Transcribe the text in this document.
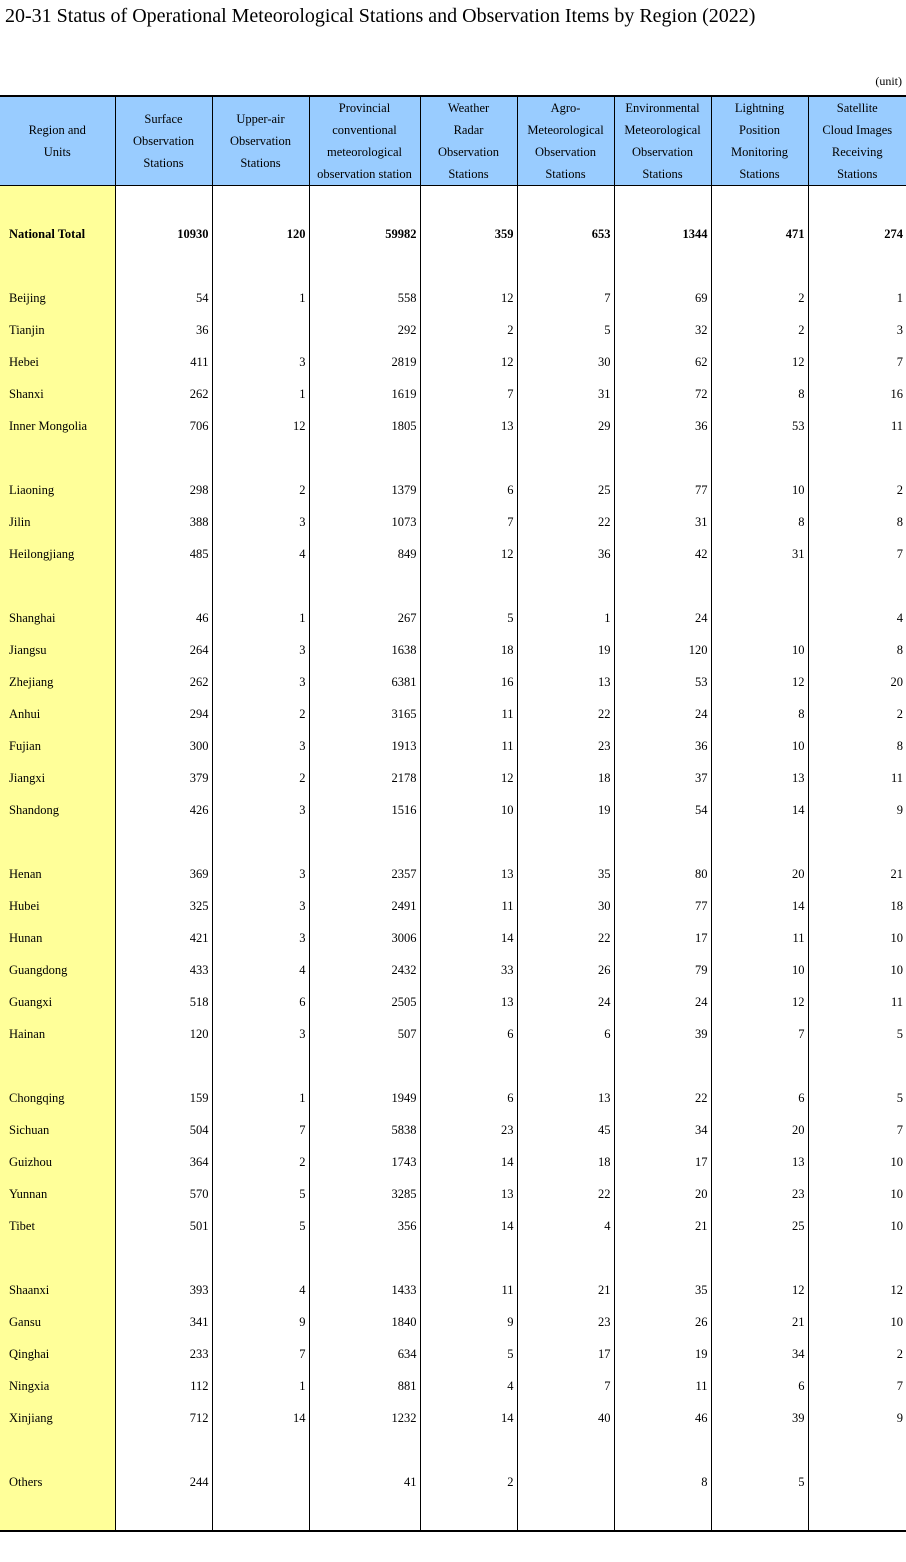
20-31 Status of Operational Meteorological Stations and Observation Items by Region (2022)
(unit)
Region and
Units	Surface
Observation
Stations	Upper-air
Observation
Stations	Provincial
conventional
meteorological
observation station	Weather
Radar
Observation
Stations	Agro-
Meteorological
Observation
Stations	Environmental
Meteorological
Observation
Stations	Lightning
Position
Monitoring
Stations	Satellite
Cloud Images
Receiving
Stations

National Total	10930	120	59982	359	653	1344	471	274

Beijing	54	1	558	12	7	69	2	1
Tianjin	36		292	2	5	32	2	3
Hebei	411	3	2819	12	30	62	12	7
Shanxi	262	1	1619	7	31	72	8	16
Inner Mongolia	706	12	1805	13	29	36	53	11

Liaoning	298	2	1379	6	25	77	10	2
Jilin	388	3	1073	7	22	31	8	8
Heilongjiang	485	4	849	12	36	42	31	7

Shanghai	46	1	267	5	1	24		4
Jiangsu	264	3	1638	18	19	120	10	8
Zhejiang	262	3	6381	16	13	53	12	20
Anhui	294	2	3165	11	22	24	8	2
Fujian	300	3	1913	11	23	36	10	8
Jiangxi	379	2	2178	12	18	37	13	11
Shandong	426	3	1516	10	19	54	14	9

Henan	369	3	2357	13	35	80	20	21
Hubei	325	3	2491	11	30	77	14	18
Hunan	421	3	3006	14	22	17	11	10
Guangdong	433	4	2432	33	26	79	10	10
Guangxi	518	6	2505	13	24	24	12	11
Hainan	120	3	507	6	6	39	7	5

Chongqing	159	1	1949	6	13	22	6	5
Sichuan	504	7	5838	23	45	34	20	7
Guizhou	364	2	1743	14	18	17	13	10
Yunnan	570	5	3285	13	22	20	23	10
Tibet	501	5	356	14	4	21	25	10

Shaanxi	393	4	1433	11	21	35	12	12
Gansu	341	9	1840	9	23	26	21	10
Qinghai	233	7	634	5	17	19	34	2
Ningxia	112	1	881	4	7	11	6	7
Xinjiang	712	14	1232	14	40	46	39	9

Others	244		41	2		8	5	
